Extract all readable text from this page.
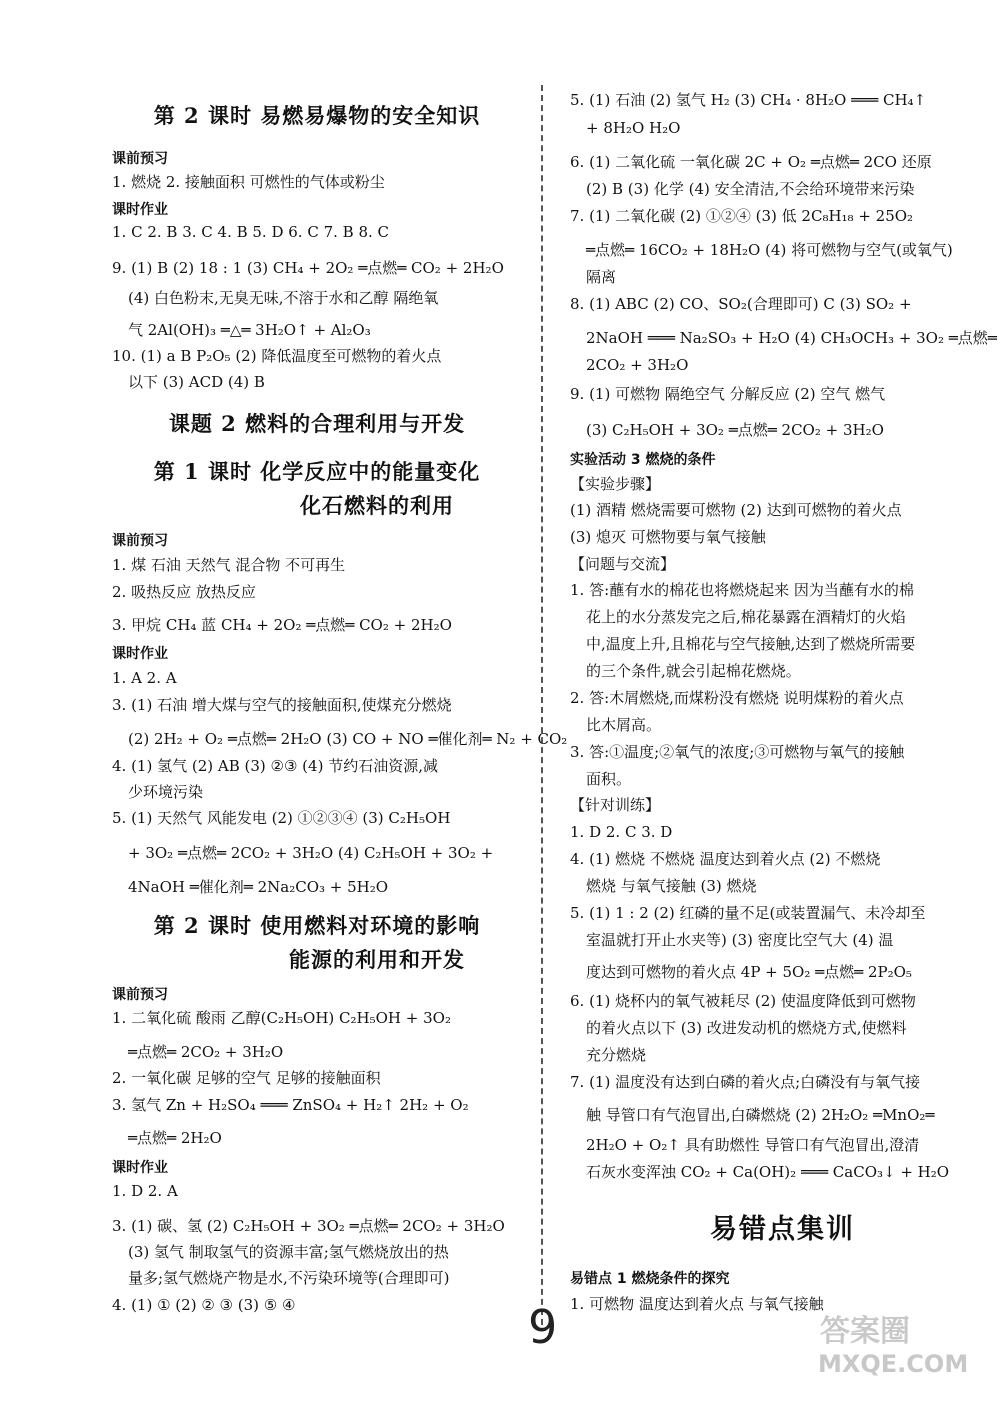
第 2 课时 易燃易爆物的安全知识
课前预习
1. 燃烧 2. 接触面积 可燃性的气体或粉尘
课时作业
1. C 2. B 3. C 4. B 5. D 6. C 7. B 8. C
9. (1) B (2) 18 : 1 (3) CH₄ + 2O₂ ═点燃═ CO₂ + 2H₂O
(4) 白色粉末,无臭无味,不溶于水和乙醇 隔绝氧
气 2Al(OH)₃ ═△═ 3H₂O↑ + Al₂O₃
10. (1) a B P₂O₅ (2) 降低温度至可燃物的着火点
以下 (3) ACD (4) B
课题 2 燃料的合理利用与开发
第 1 课时 化学反应中的能量变化
化石燃料的利用
课前预习
1. 煤 石油 天然气 混合物 不可再生
2. 吸热反应 放热反应
3. 甲烷 CH₄ 蓝 CH₄ + 2O₂ ═点燃═ CO₂ + 2H₂O
课时作业
1. A 2. A
3. (1) 石油 增大煤与空气的接触面积,使煤充分燃烧
(2) 2H₂ + O₂ ═点燃═ 2H₂O (3) CO + NO ═催化剂═ N₂ + CO₂
4. (1) 氢气 (2) AB (3) ②③ (4) 节约石油资源,减
少环境污染
5. (1) 天然气 风能发电 (2) ①②③④ (3) C₂H₅OH
+ 3O₂ ═点燃═ 2CO₂ + 3H₂O (4) C₂H₅OH + 3O₂ +
4NaOH ═催化剂═ 2Na₂CO₃ + 5H₂O
第 2 课时 使用燃料对环境的影响
能源的利用和开发
课前预习
1. 二氧化硫 酸雨 乙醇(C₂H₅OH) C₂H₅OH + 3O₂
═点燃═ 2CO₂ + 3H₂O
2. 一氧化碳 足够的空气 足够的接触面积
3. 氢气 Zn + H₂SO₄ ═══ ZnSO₄ + H₂↑ 2H₂ + O₂
═点燃═ 2H₂O
课时作业
1. D 2. A
3. (1) 碳、氢 (2) C₂H₅OH + 3O₂ ═点燃═ 2CO₂ + 3H₂O
(3) 氢气 制取氢气的资源丰富;氢气燃烧放出的热
量多;氢气燃烧产物是水,不污染环境等(合理即可)
4. (1) ① (2) ② ③ (3) ⑤ ④
5. (1) 石油 (2) 氢气 H₂ (3) CH₄ · 8H₂O ═══ CH₄↑
+ 8H₂O H₂O
6. (1) 二氧化硫 一氧化碳 2C + O₂ ═点燃═ 2CO 还原
(2) B (3) 化学 (4) 安全清洁,不会给环境带来污染
7. (1) 二氧化碳 (2) ①②④ (3) 低 2C₈H₁₈ + 25O₂
═点燃═ 16CO₂ + 18H₂O (4) 将可燃物与空气(或氧气)
隔离
8. (1) ABC (2) CO、SO₂(合理即可) C (3) SO₂ +
2NaOH ═══ Na₂SO₃ + H₂O (4) CH₃OCH₃ + 3O₂ ═点燃═
2CO₂ + 3H₂O
9. (1) 可燃物 隔绝空气 分解反应 (2) 空气 燃气
(3) C₂H₅OH + 3O₂ ═点燃═ 2CO₂ + 3H₂O
实验活动 3 燃烧的条件
【实验步骤】
(1) 酒精 燃烧需要可燃物 (2) 达到可燃物的着火点
(3) 熄灭 可燃物要与氧气接触
【问题与交流】
1. 答:蘸有水的棉花也将燃烧起来 因为当蘸有水的棉
花上的水分蒸发完之后,棉花暴露在酒精灯的火焰
中,温度上升,且棉花与空气接触,达到了燃烧所需要
的三个条件,就会引起棉花燃烧。
2. 答:木屑燃烧,而煤粉没有燃烧 说明煤粉的着火点
比木屑高。
3. 答:①温度;②氧气的浓度;③可燃物与氧气的接触
面积。
【针对训练】
1. D 2. C 3. D
4. (1) 燃烧 不燃烧 温度达到着火点 (2) 不燃烧
燃烧 与氧气接触 (3) 燃烧
5. (1) 1 : 2 (2) 红磷的量不足(或装置漏气、未冷却至
室温就打开止水夹等) (3) 密度比空气大 (4) 温
度达到可燃物的着火点 4P + 5O₂ ═点燃═ 2P₂O₅
6. (1) 烧杯内的氧气被耗尽 (2) 使温度降低到可燃物
的着火点以下 (3) 改进发动机的燃烧方式,使燃料
充分燃烧
7. (1) 温度没有达到白磷的着火点;白磷没有与氧气接
触 导管口有气泡冒出,白磷燃烧 (2) 2H₂O₂ ═MnO₂═
2H₂O + O₂↑ 具有助燃性 导管口有气泡冒出,澄清
石灰水变浑浊 CO₂ + Ca(OH)₂ ═══ CaCO₃↓ + H₂O
易错点集训
易错点 1 燃烧条件的探究
1. 可燃物 温度达到着火点 与氧气接触
9	答案圈
MXQE.COM
